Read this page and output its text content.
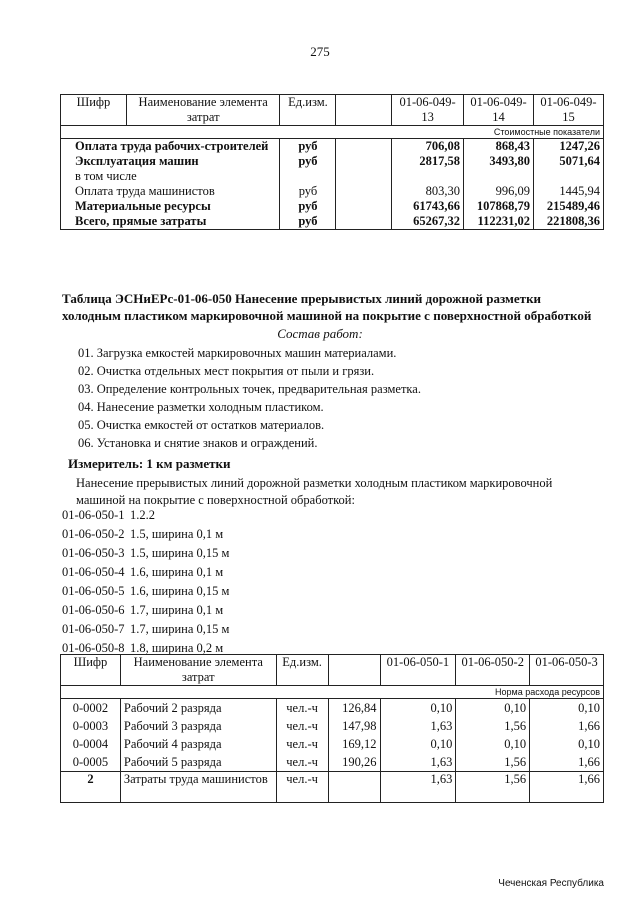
275
Шифр	Наименование элемента затрат	Ед.изм.		01-06-049-13	01-06-049-14	01-06-049-15
Стоимостные показатели						
Оплата труда рабочих-строителей		руб		706,08	868,43	1247,26
Эксплуатация машин		руб		2817,58	3493,80	5071,64
в том числе						
Оплата труда машинистов		руб		803,30	996,09	1445,94
Материальные ресурсы		руб		61743,66	107868,79	215489,46
Всего, прямые затраты		руб		65267,32	112231,02	221808,36
Таблица ЭСНиЕРс-01-06-050 Нанесение прерывистых линий дорожной разметки
холодным пластиком маркировочной машиной на покрытие с поверхностной обработкой
Состав работ:
01. Загрузка емкостей маркировочных машин материалами.
02. Очистка отдельных мест покрытия от пыли и грязи.
03. Определение контрольных точек, предварительная разметка.
04. Нанесение разметки холодным пластиком.
05. Очистка емкостей от остатков материалов.
06. Установка и снятие знаков и ограждений.
Измеритель: 1 км разметки
Нанесение прерывистых линий дорожной разметки холодным пластиком маркировочной машиной на покрытие с поверхностной обработкой:
01-06-050-1 1.2.2
01-06-050-2 1.5, ширина 0,1 м
01-06-050-3 1.5, ширина 0,15 м
01-06-050-4 1.6, ширина 0,1 м
01-06-050-5 1.6, ширина 0,15 м
01-06-050-6 1.7, ширина 0,1 м
01-06-050-7 1.7, ширина 0,15 м
01-06-050-8 1.8, ширина 0,2 м
Шифр	Наименование элемента затрат	Ед.изм.		01-06-050-1	01-06-050-2	01-06-050-3
Норма расхода ресурсов						
0-0002	Рабочий 2 разряда	чел.-ч	126,84	0,10	0,10	0,10
0-0003	Рабочий 3 разряда	чел.-ч	147,98	1,63	1,56	1,66
0-0004	Рабочий 4 разряда	чел.-ч	169,12	0,10	0,10	0,10
0-0005	Рабочий 5 разряда	чел.-ч	190,26	1,63	1,56	1,66
2	Затраты труда машинистов	чел.-ч		1,63	1,56	1,66
Чеченская Республика
